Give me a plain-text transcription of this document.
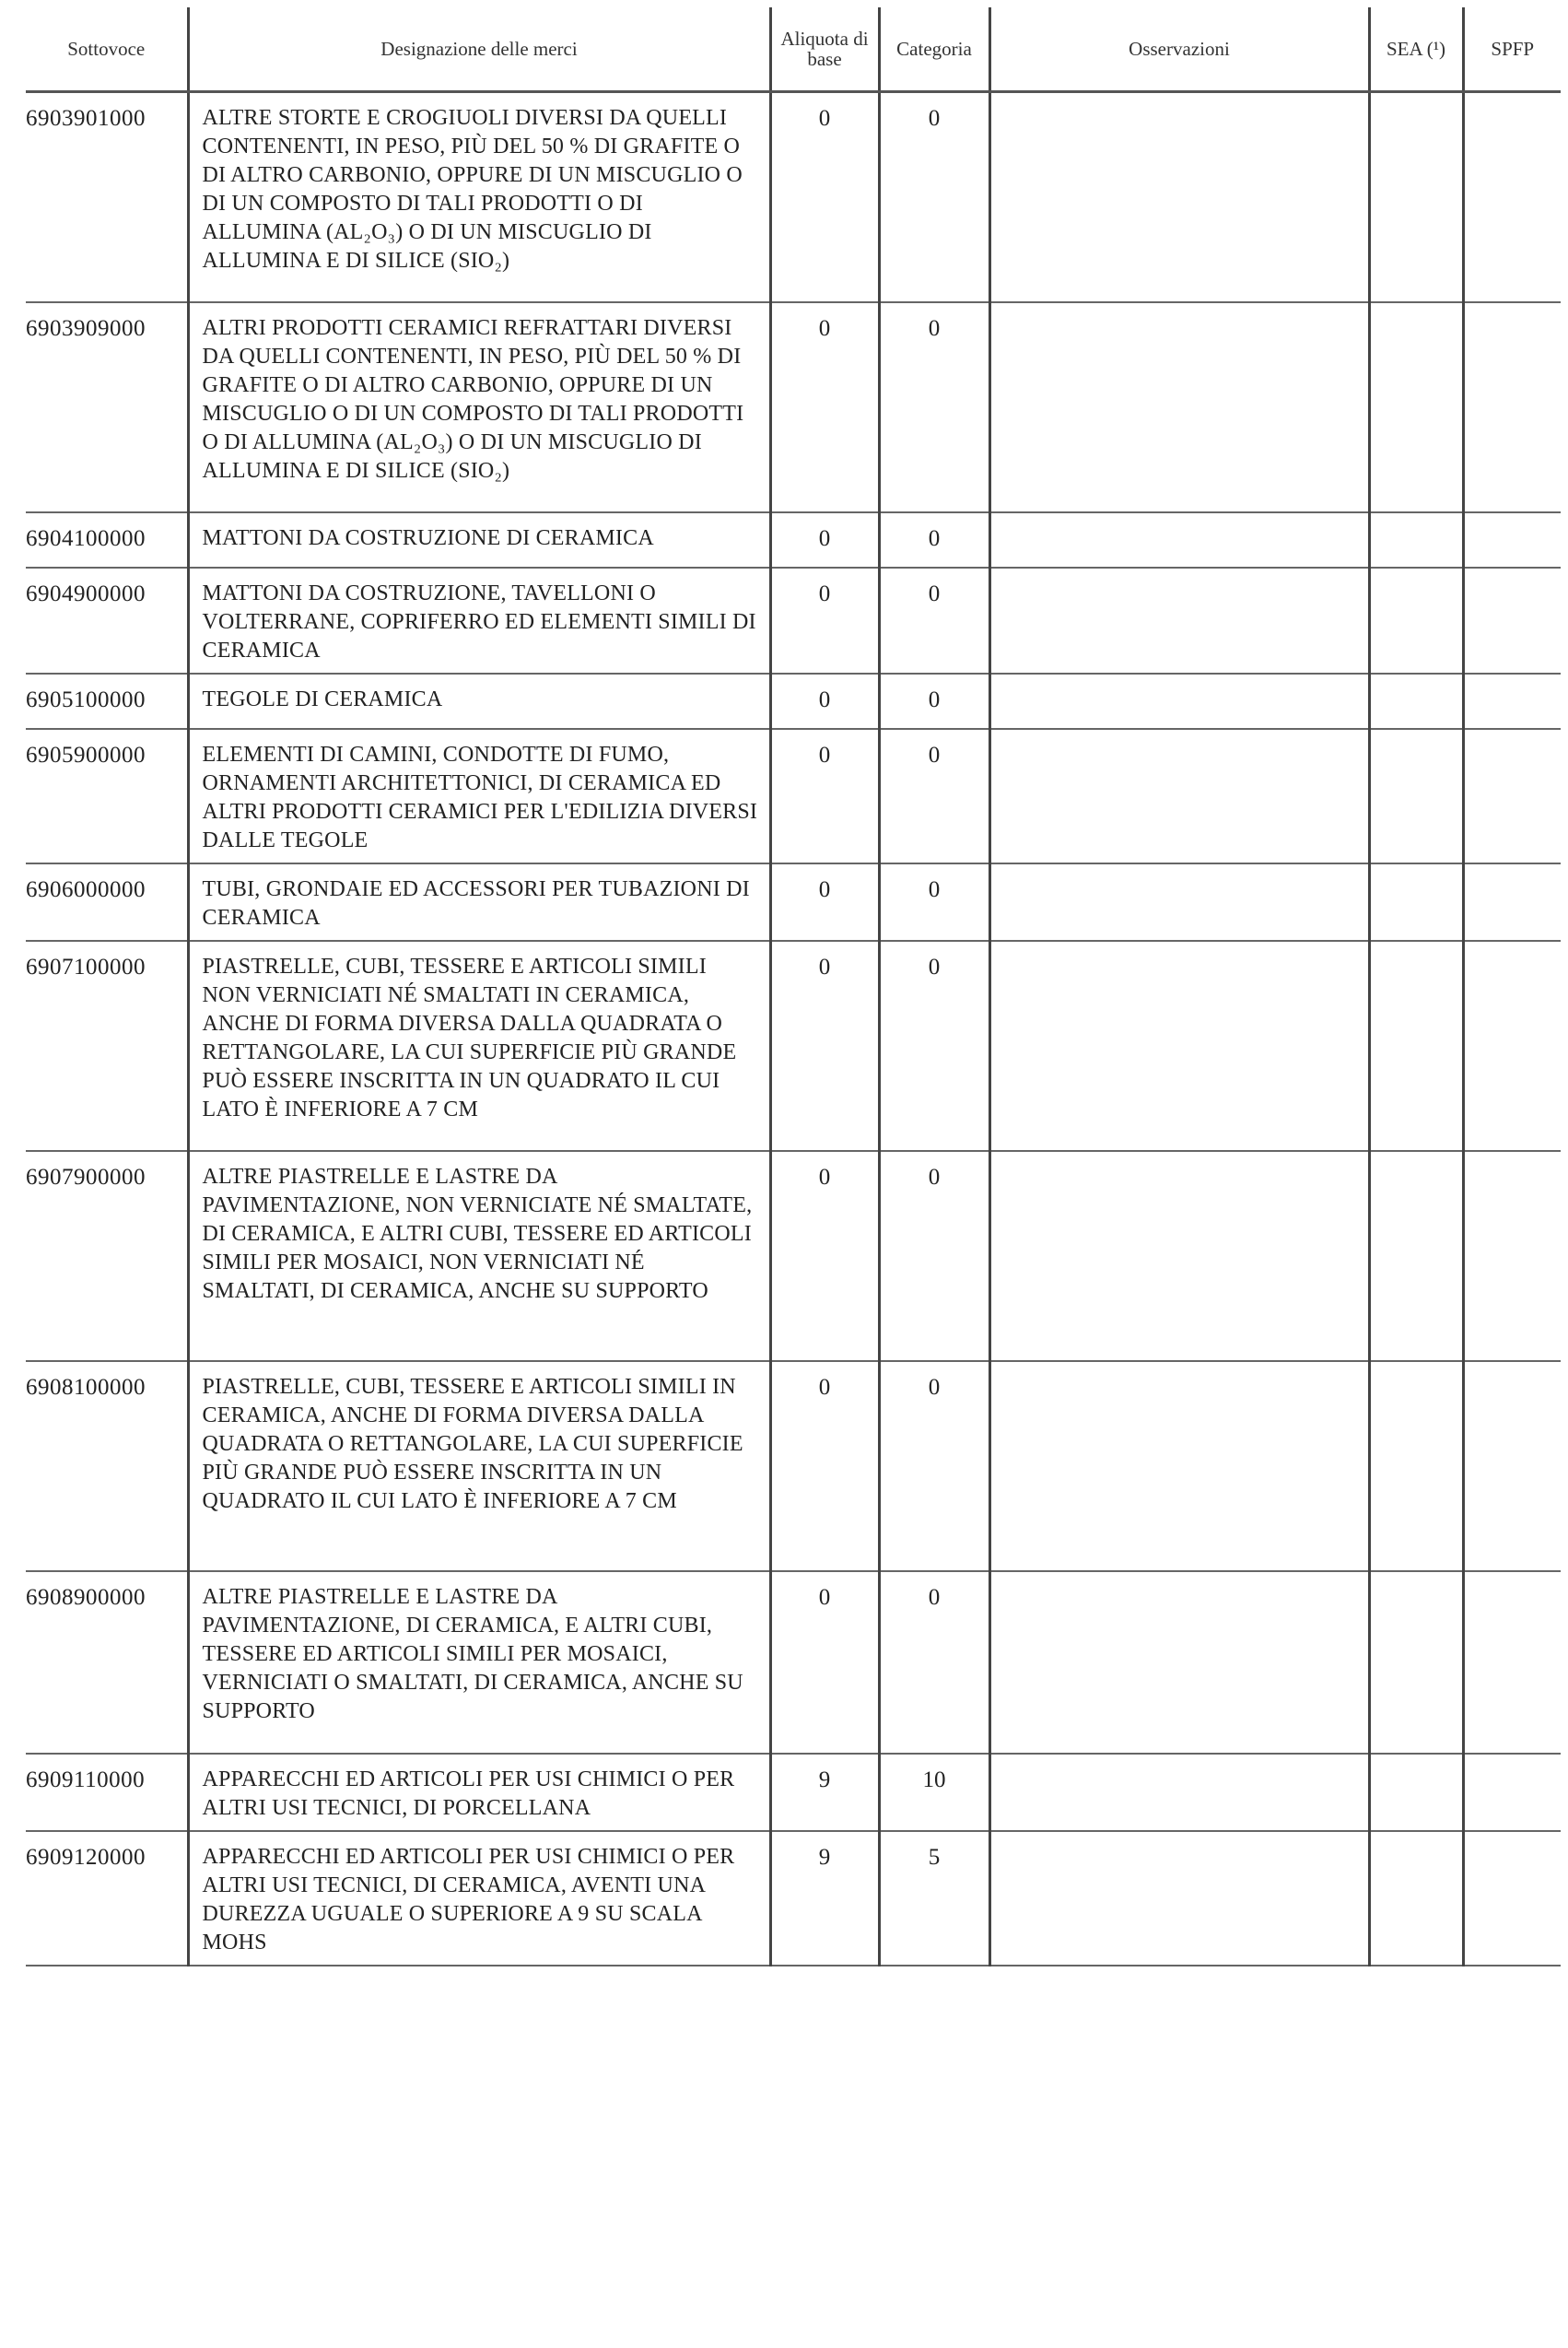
Sottovoce	Designazione delle merci	Aliquota di base	Categoria	Osservazioni	SEA (¹)	SPFP
6903901000	ALTRE STORTE E CROGIUOLI DIVERSI DA QUELLI CONTENENTI, IN PESO, PIÙ DEL 50 % DI GRAFITE O DI ALTRO CARBONIO, OPPURE DI UN MISCUGLIO O DI UN COMPOSTO DI TALI PRODOTTI O DI ALLUMINA (AL₂O₃) O DI UN MISCUGLIO DI ALLUMINA E DI SILICE (SIO₂)	0	0			
6903909000	ALTRI PRODOTTI CERAMICI REFRATTARI DIVERSI DA QUELLI CONTENENTI, IN PESO, PIÙ DEL 50 % DI GRAFITE O DI ALTRO CARBONIO, OPPURE DI UN MISCUGLIO O DI UN COMPOSTO DI TALI PRODOTTI O DI ALLUMINA (AL₂O₃) O DI UN MISCUGLIO DI ALLUMINA E DI SILICE (SIO₂)	0	0			
6904100000	MATTONI DA COSTRUZIONE DI CERAMICA	0	0			
6904900000	MATTONI DA COSTRUZIONE, TAVELLONI O VOLTERRANE, COPRIFERRO ED ELEMENTI SIMILI DI CERAMICA	0	0			
6905100000	TEGOLE DI CERAMICA	0	0			
6905900000	ELEMENTI DI CAMINI, CONDOTTE DI FUMO, ORNAMENTI ARCHITETTONICI, DI CERAMICA ED ALTRI PRODOTTI CERAMICI PER L'EDILIZIA DIVERSI DALLE TEGOLE	0	0			
6906000000	TUBI, GRONDAIE ED ACCESSORI PER TUBAZIONI DI CERAMICA	0	0			
6907100000	PIASTRELLE, CUBI, TESSERE E ARTICOLI SIMILI NON VERNICIATI NÉ SMALTATI IN CERAMICA, ANCHE DI FORMA DIVERSA DALLA QUADRATA O RETTANGOLARE, LA CUI SUPERFICIE PIÙ GRANDE PUÒ ESSERE INSCRITTA IN UN QUADRATO IL CUI LATO È INFERIORE A 7 CM	0	0			
6907900000	ALTRE PIASTRELLE E LASTRE DA PAVIMENTAZIONE, NON VERNICIATE NÉ SMALTATE, DI CERAMICA, E ALTRI CUBI, TESSERE ED ARTICOLI SIMILI PER MOSAICI, NON VERNICIATI NÉ SMALTATI, DI CERAMICA, ANCHE SU SUPPORTO	0	0			
6908100000	PIASTRELLE, CUBI, TESSERE E ARTICOLI SIMILI IN CERAMICA, ANCHE DI FORMA DIVERSA DALLA QUADRATA O RETTANGOLARE, LA CUI SUPERFICIE PIÙ GRANDE PUÒ ESSERE INSCRITTA IN UN QUADRATO IL CUI LATO È INFERIORE A 7 CM	0	0			
6908900000	ALTRE PIASTRELLE E LASTRE DA PAVIMENTAZIONE, DI CERAMICA, E ALTRI CUBI, TESSERE ED ARTICOLI SIMILI PER MOSAICI, VERNICIATI O SMALTATI, DI CERAMICA, ANCHE SU SUPPORTO	0	0			
6909110000	APPARECCHI ED ARTICOLI PER USI CHIMICI O PER ALTRI USI TECNICI, DI PORCELLANA	9	10			
6909120000	APPARECCHI ED ARTICOLI PER USI CHIMICI O PER ALTRI USI TECNICI, DI CERAMICA, AVENTI UNA DUREZZA UGUALE O SUPERIORE A 9 SU SCALA MOHS	9	5			
